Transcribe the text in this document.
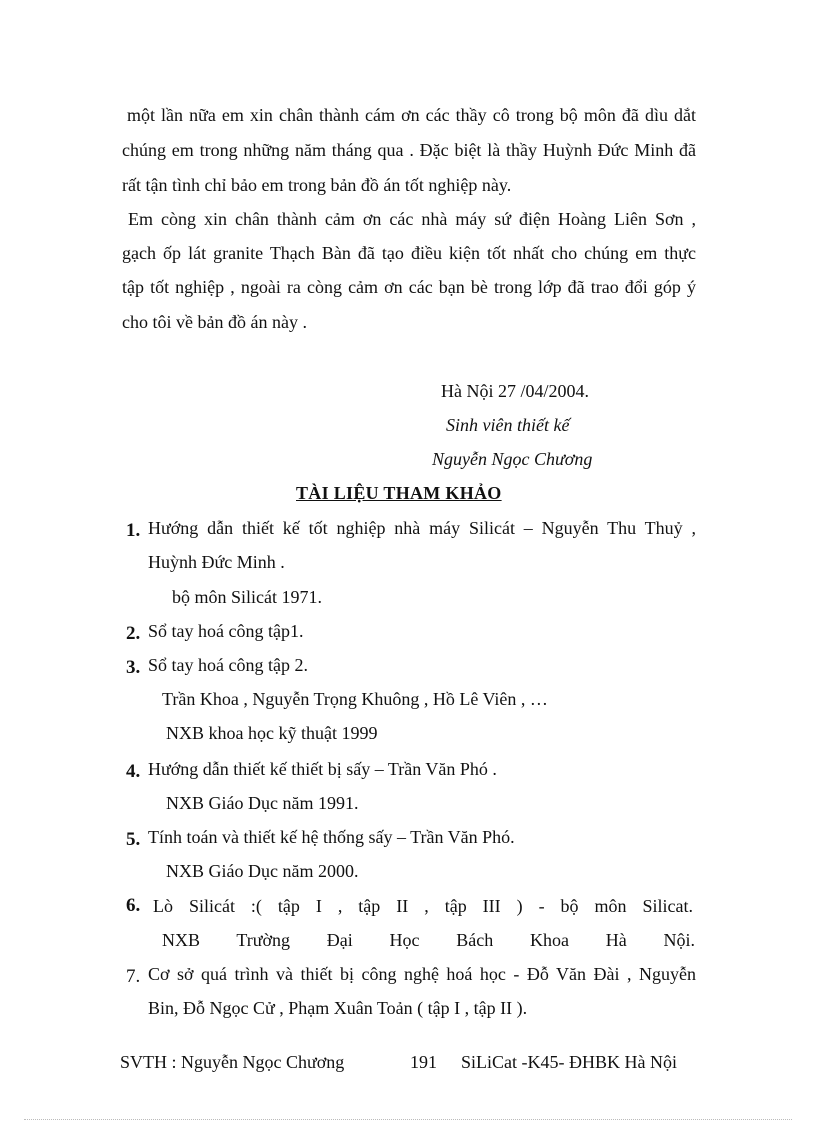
một lần nữa em xin chân thành cám ơn các thầy cô trong bộ môn đã dìu dắt
chúng em trong những năm tháng qua . Đặc biệt là thầy Huỳnh Đức Minh đã
rất tận tình chỉ bảo em trong bản đồ án tốt nghiệp này.
Em còng xin chân thành cảm ơn các nhà máy sứ điện Hoàng Liên Sơn ,
gạch ốp lát granite Thạch Bàn đã tạo điều kiện tốt nhất cho chúng em thực
tập tốt nghiệp , ngoài ra còng cảm ơn các bạn bè trong lớp đã trao đổi góp ý
cho tôi về bản đồ án này .
Hà Nội 27 /04/2004.
Sinh viên thiết kế
Nguyễn Ngọc Chương
TÀI LIỆU THAM KHẢO
1. Hướng dẫn thiết kế tốt nghiệp nhà máy Silicát – Nguyễn Thu Thuỷ ,
Huỳnh Đức Minh .
bộ môn Silicát 1971.
2. Sổ tay hoá công tập1.
3. Sổ tay hoá công tập 2.
Trần Khoa , Nguyễn Trọng Khuông , Hồ Lê Viên , …
NXB khoa học kỹ thuật 1999
4. Hướng dẫn thiết kế thiết bị sấy – Trần Văn Phó .
NXB Giáo Dục năm 1991.
5. Tính toán và thiết kế hệ thống sấy – Trần Văn Phó.
NXB Giáo Dục năm 2000.
6. Lò Silicát :( tập I , tập II , tập III ) - bộ môn Silicat.
NXB Trường Đại Học Bách Khoa Hà Nội.
7. Cơ sở quá trình và thiết bị công nghệ hoá học - Đỗ Văn Đài , Nguyễn
Bin, Đỗ Ngọc Cử , Phạm Xuân Toản ( tập I , tập II ).
SVTH : Nguyễn Ngọc Chương	191 SiLiCat -K45- ĐHBK Hà Nội
